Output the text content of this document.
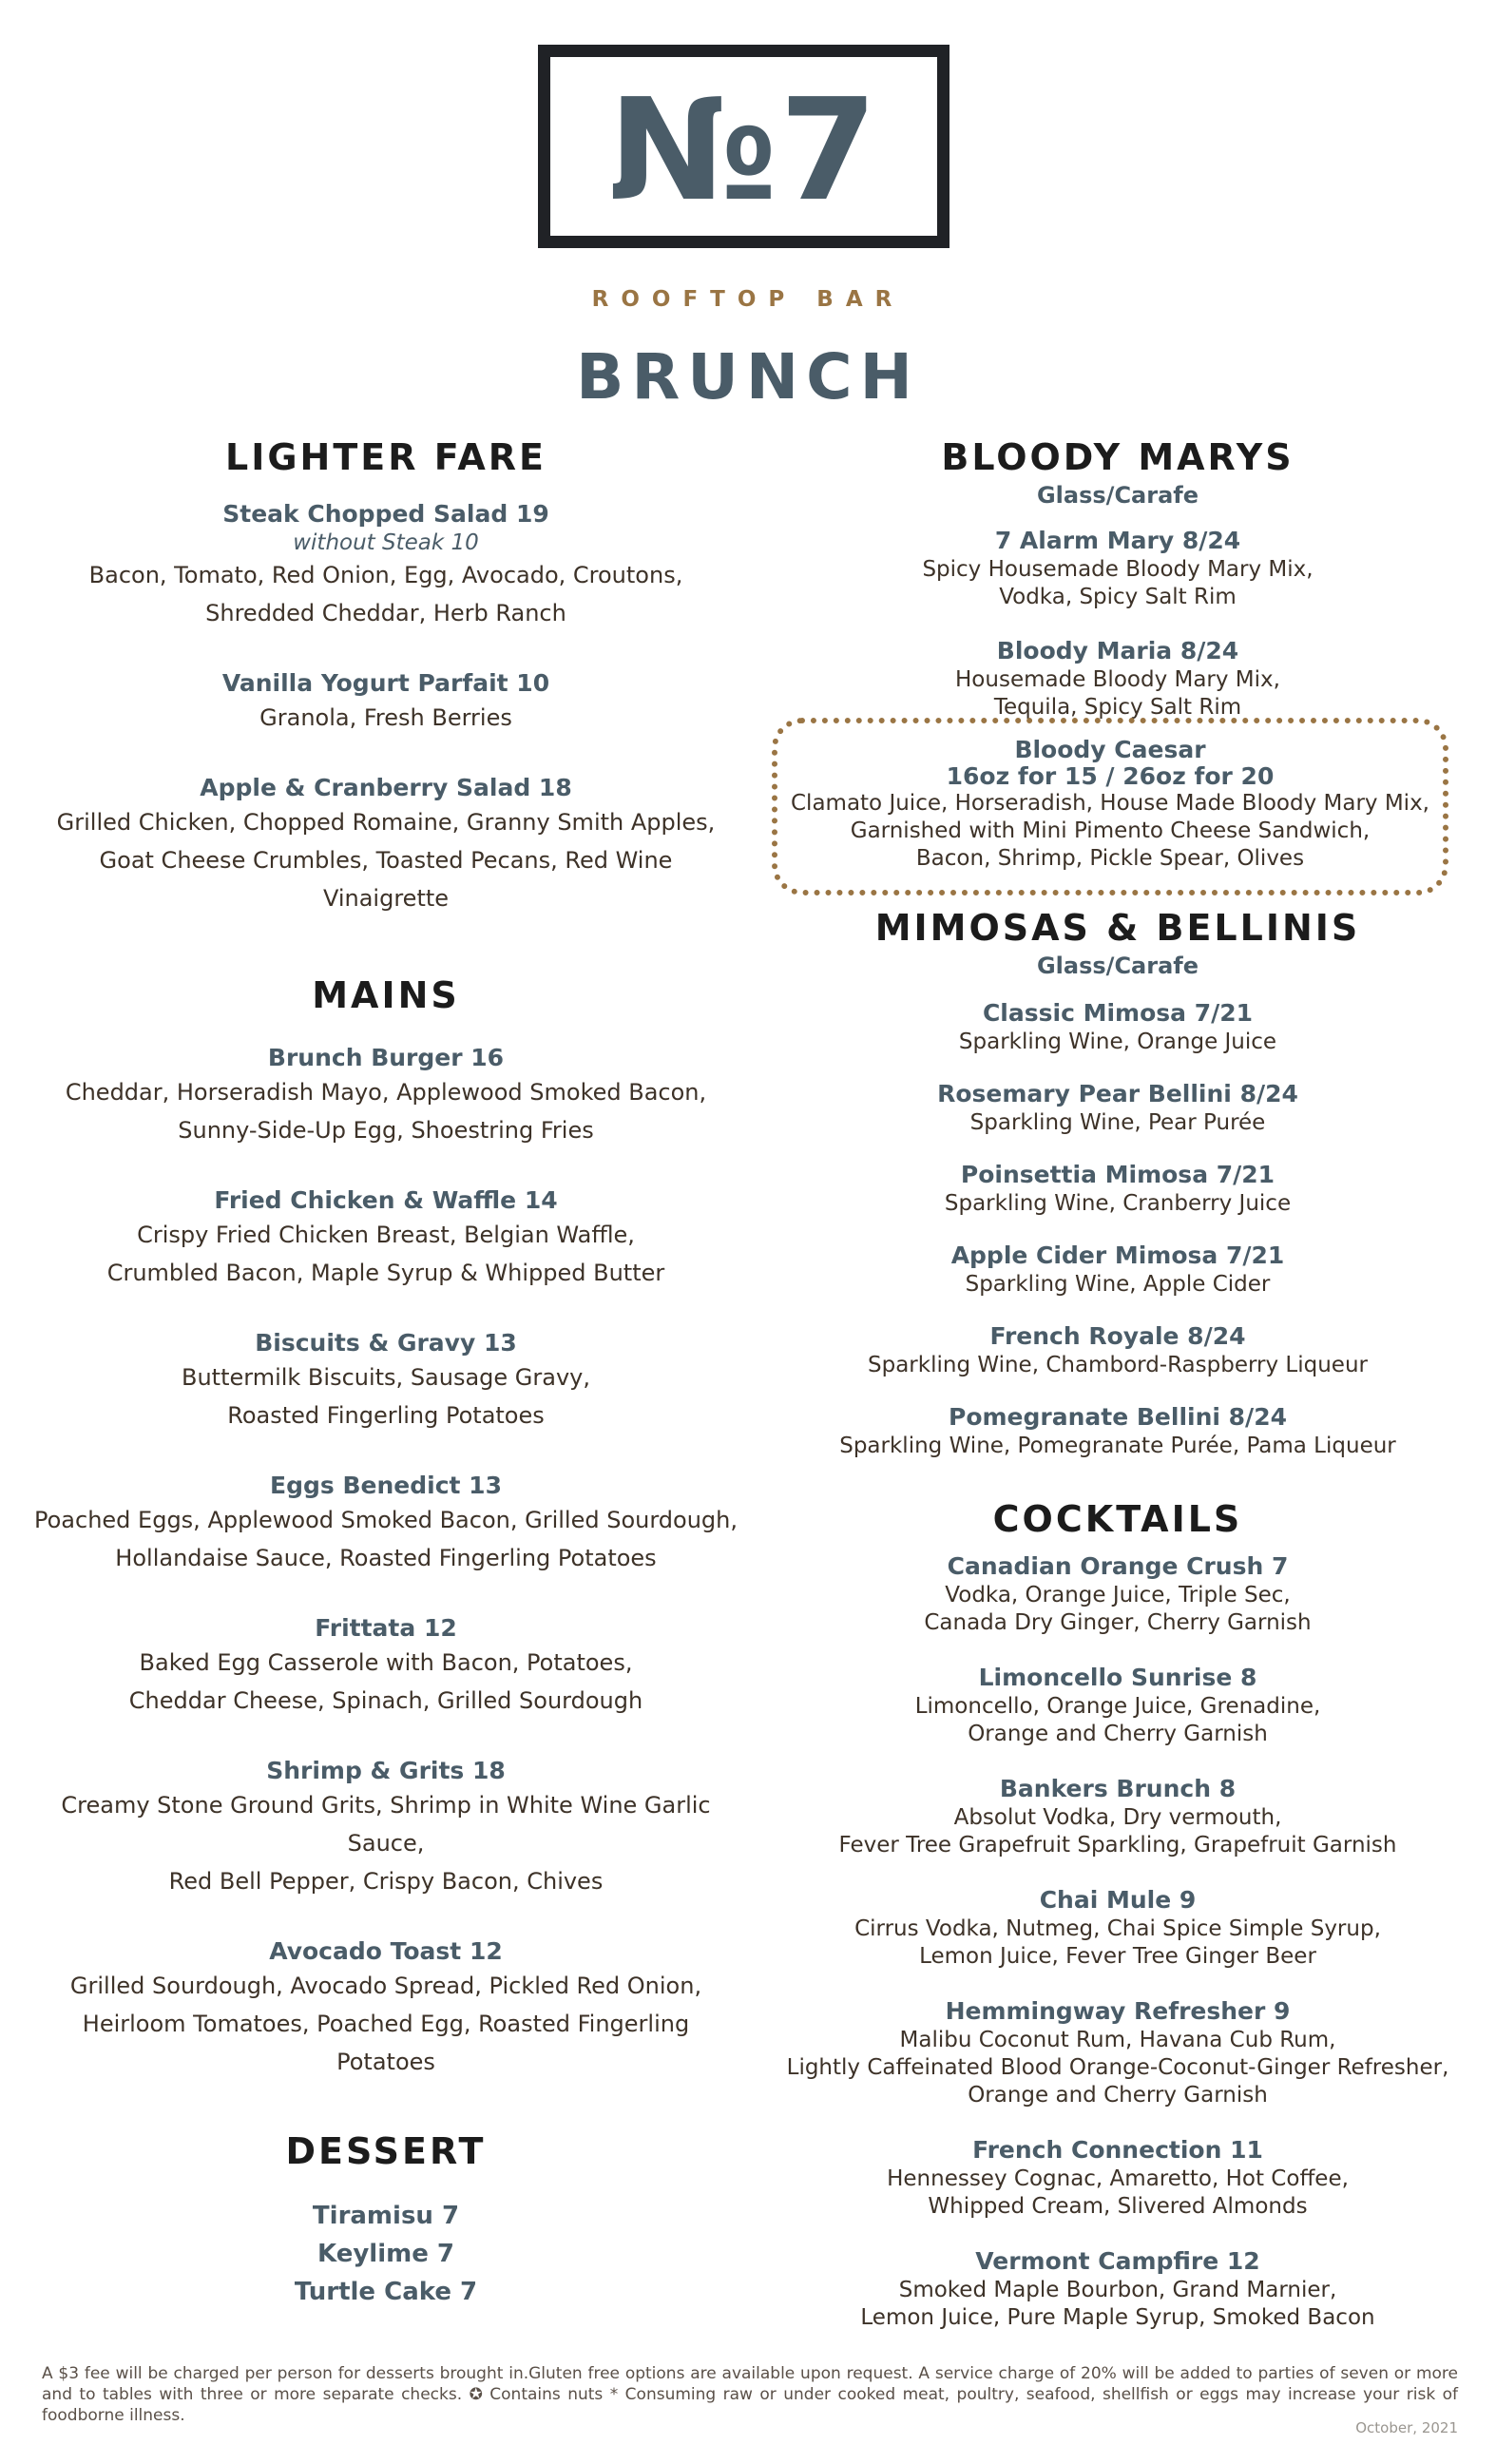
№7
ROOFTOP BAR
BRUNCH
LIGHTER FARE
Steak Chopped Salad 19
without Steak 10
Bacon, Tomato, Red Onion, Egg, Avocado, Croutons,
Shredded Cheddar, Herb Ranch
Vanilla Yogurt Parfait 10
Granola, Fresh Berries
Apple & Cranberry Salad 18
Grilled Chicken, Chopped Romaine, Granny Smith Apples,
Goat Cheese Crumbles, Toasted Pecans, Red Wine Vinaigrette
MAINS
Brunch Burger 16
Cheddar, Horseradish Mayo, Applewood Smoked Bacon,
Sunny-Side-Up Egg, Shoestring Fries
Fried Chicken & Waffle 14
Crispy Fried Chicken Breast, Belgian Waffle,
Crumbled Bacon, Maple Syrup & Whipped Butter
Biscuits & Gravy 13
Buttermilk Biscuits, Sausage Gravy,
Roasted Fingerling Potatoes
Eggs Benedict 13
Poached Eggs, Applewood Smoked Bacon, Grilled Sourdough,
Hollandaise Sauce, Roasted Fingerling Potatoes
Frittata 12
Baked Egg Casserole with Bacon, Potatoes,
Cheddar Cheese, Spinach, Grilled Sourdough
Shrimp & Grits 18
Creamy Stone Ground Grits, Shrimp in White Wine Garlic Sauce,
Red Bell Pepper, Crispy Bacon, Chives
Avocado Toast 12
Grilled Sourdough, Avocado Spread, Pickled Red Onion,
Heirloom Tomatoes, Poached Egg, Roasted Fingerling Potatoes
DESSERT
Tiramisu 7
Keylime 7
Turtle Cake 7
BLOODY MARYS
Glass/Carafe
7 Alarm Mary 8/24
Spicy Housemade Bloody Mary Mix,
Vodka, Spicy Salt Rim
Bloody Maria 8/24
Housemade Bloody Mary Mix,
Tequila, Spicy Salt Rim
Bloody Caesar
16oz for 15 / 26oz for 20
Clamato Juice, Horseradish, House Made Bloody Mary Mix,
Garnished with Mini Pimento Cheese Sandwich,
Bacon, Shrimp, Pickle Spear, Olives
MIMOSAS & BELLINIS
Glass/Carafe
Classic Mimosa 7/21
Sparkling Wine, Orange Juice
Rosemary Pear Bellini 8/24
Sparkling Wine, Pear Purée
Poinsettia Mimosa 7/21
Sparkling Wine, Cranberry Juice
Apple Cider Mimosa 7/21
Sparkling Wine, Apple Cider
French Royale 8/24
Sparkling Wine, Chambord-Raspberry Liqueur
Pomegranate Bellini 8/24
Sparkling Wine, Pomegranate Purée, Pama Liqueur
COCKTAILS
Canadian Orange Crush 7
Vodka, Orange Juice, Triple Sec,
Canada Dry Ginger, Cherry Garnish
Limoncello Sunrise 8
Limoncello, Orange Juice, Grenadine,
Orange and Cherry Garnish
Bankers Brunch 8
Absolut Vodka, Dry vermouth,
Fever Tree Grapefruit Sparkling, Grapefruit Garnish
Chai Mule 9
Cirrus Vodka, Nutmeg, Chai Spice Simple Syrup,
Lemon Juice, Fever Tree Ginger Beer
Hemmingway Refresher 9
Malibu Coconut Rum, Havana Cub Rum,
Lightly Caffeinated Blood Orange-Coconut-Ginger Refresher,
Orange and Cherry Garnish
French Connection 11
Hennessey Cognac, Amaretto, Hot Coffee,
Whipped Cream, Slivered Almonds
Vermont Campfire 12
Smoked Maple Bourbon, Grand Marnier,
Lemon Juice, Pure Maple Syrup, Smoked Bacon
A $3 fee will be charged per person for desserts brought in.Gluten free options are available upon request. A service charge of 20% will be added to parties of seven or more and to tables with three or more separate checks. ✪ Contains nuts * Consuming raw or under cooked meat, poultry, seafood, shellfish or eggs may increase your risk of foodborne illness.
October, 2021
